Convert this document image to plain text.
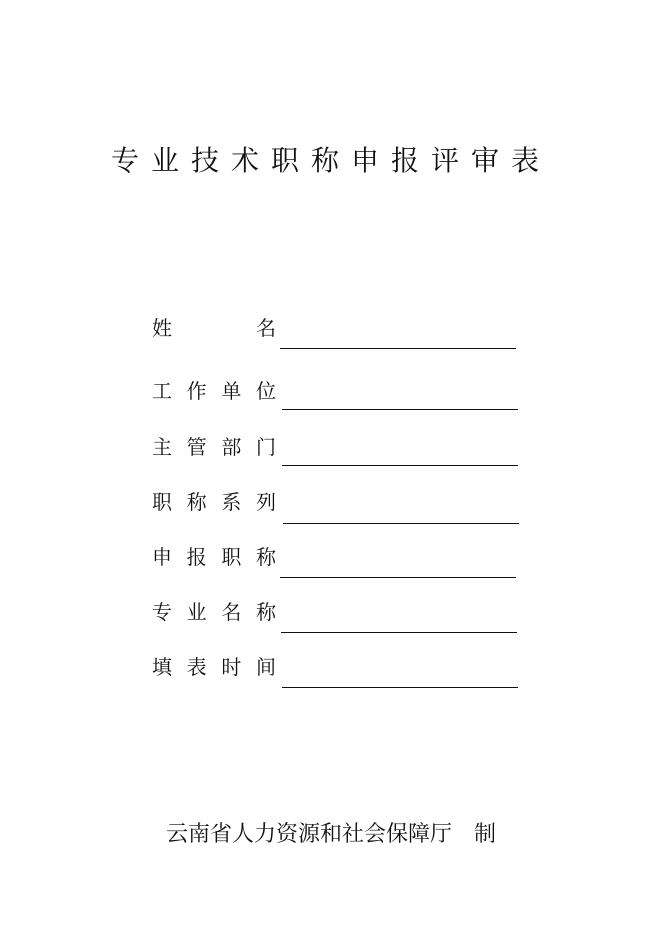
专业技术职称申报评审表
姓	名
工 作 单 位
主 管 部 门
职 称 系 列
申 报 职 称
专 业 名 称
填 表 时 间
云南省人力资源和社会保障厅 制
